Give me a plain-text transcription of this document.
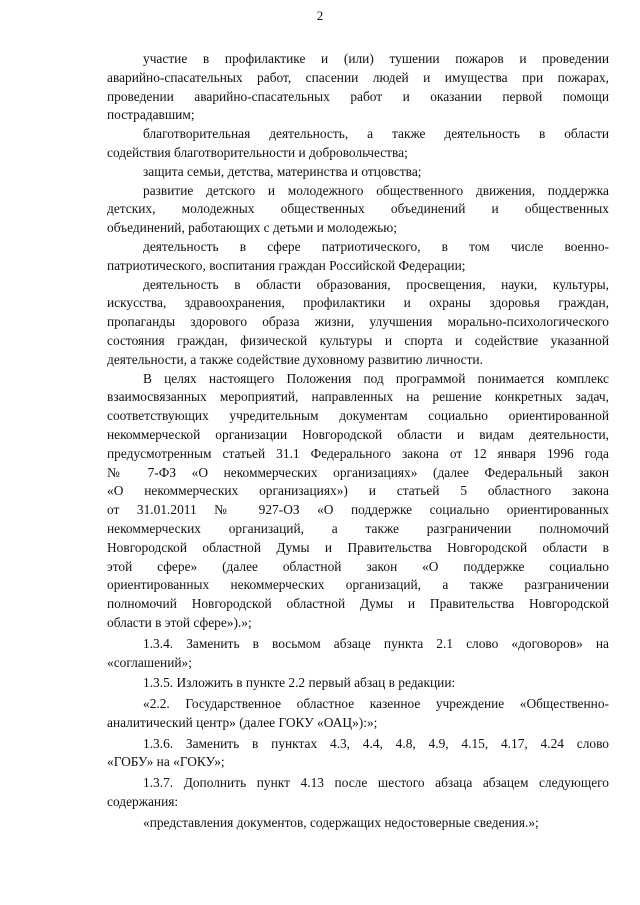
2
участие в профилактике и (или) тушении пожаров и проведении
аварийно-спасательных работ, спасении людей и имущества при пожарах,
проведении аварийно-спасательных работ и оказании первой помощи
пострадавшим;
благотворительная деятельность, а также деятельность в области
содействия благотворительности и добровольчества;
защита семьи, детства, материнства и отцовства;
развитие детского и молодежного общественного движения, поддержка
детских, молодежных общественных объединений и общественных
объединений, работающих с детьми и молодежью;
деятельность в сфере патриотического, в том числе военно-
патриотического, воспитания граждан Российской Федерации;
деятельность в области образования, просвещения, науки, культуры,
искусства, здравоохранения, профилактики и охраны здоровья граждан,
пропаганды здорового образа жизни, улучшения морально-психологического
состояния граждан, физической культуры и спорта и содействие указанной
деятельности, а также содействие духовному развитию личности.
В целях настоящего Положения под программой понимается комплекс
взаимосвязанных мероприятий, направленных на решение конкретных задач,
соответствующих учредительным документам социально ориентированной
некоммерческой организации Новгородской области и видам деятельности,
предусмотренным статьей 31.1 Федерального закона от 12 января 1996 года
№ 7-ФЗ «О некоммерческих организациях» (далее Федеральный закон
«О некоммерческих организациях») и статьей 5 областного закона
от 31.01.2011 № 927-ОЗ «О поддержке социально ориентированных
некоммерческих организаций, а также разграничении полномочий
Новгородской областной Думы и Правительства Новгородской области в
этой сфере» (далее областной закон «О поддержке социально
ориентированных некоммерческих организаций, а также разграничении
полномочий Новгородской областной Думы и Правительства Новгородской
области в этой сфере»).»;
1.3.4. Заменить в восьмом абзаце пункта 2.1 слово «договоров» на
«соглашений»;
1.3.5. Изложить в пункте 2.2 первый абзац в редакции:
«2.2. Государственное областное казенное учреждение «Общественно-
аналитический центр» (далее ГОКУ «ОАЦ»):»;
1.3.6. Заменить в пунктах 4.3, 4.4, 4.8, 4.9, 4.15, 4.17, 4.24 слово
«ГОБУ» на «ГОКУ»;
1.3.7. Дополнить пункт 4.13 после шестого абзаца абзацем следующего
содержания:
«представления документов, содержащих недостоверные сведения.»;
